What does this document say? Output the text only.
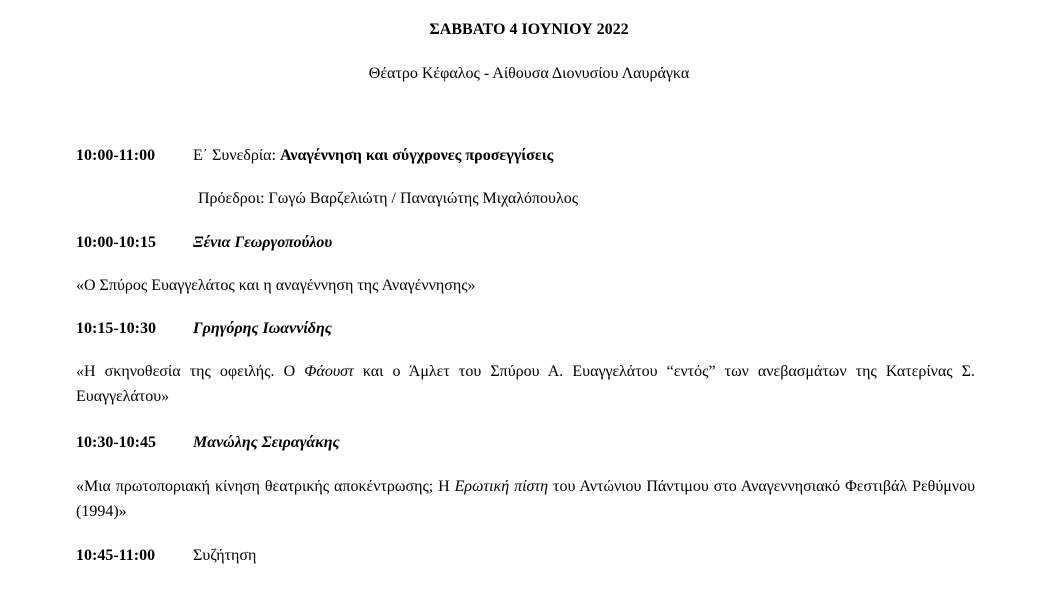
ΣΑΒΒΑΤΟ 4 ΙΟΥΝΙΟΥ 2022
Θέατρο Κέφαλος - Αίθουσα Διονυσίου Λαυράγκα
10:00-11:00 Ε΄ Συνεδρία: Αναγέννηση και σύγχρονες προσεγγίσεις
Πρόεδροι: Γωγώ Βαρζελιώτη / Παναγιώτης Μιχαλόπουλος
10:00-10:15 Ξένια Γεωργοπούλου
«Ο Σπύρος Ευαγγελάτος και η αναγέννηση της Αναγέννησης»
10:15-10:30 Γρηγόρης Ιωαννίδης
«Η σκηνοθεσία της οφειλής. Ο Φάουστ και ο Άμλετ του Σπύρου Α. Ευαγγελάτου “εντός” των ανεβασμάτων της Κατερίνας Σ. Ευαγγελάτου»
10:30-10:45 Μανώλης Σειραγάκης
«Μια πρωτοποριακή κίνηση θεατρικής αποκέντρωσης; Η Ερωτική πίστη του Αντώνιου Πάντιμου στο Αναγεννησιακό Φεστιβάλ Ρεθύμνου (1994)»
10:45-11:00 Συζήτηση
